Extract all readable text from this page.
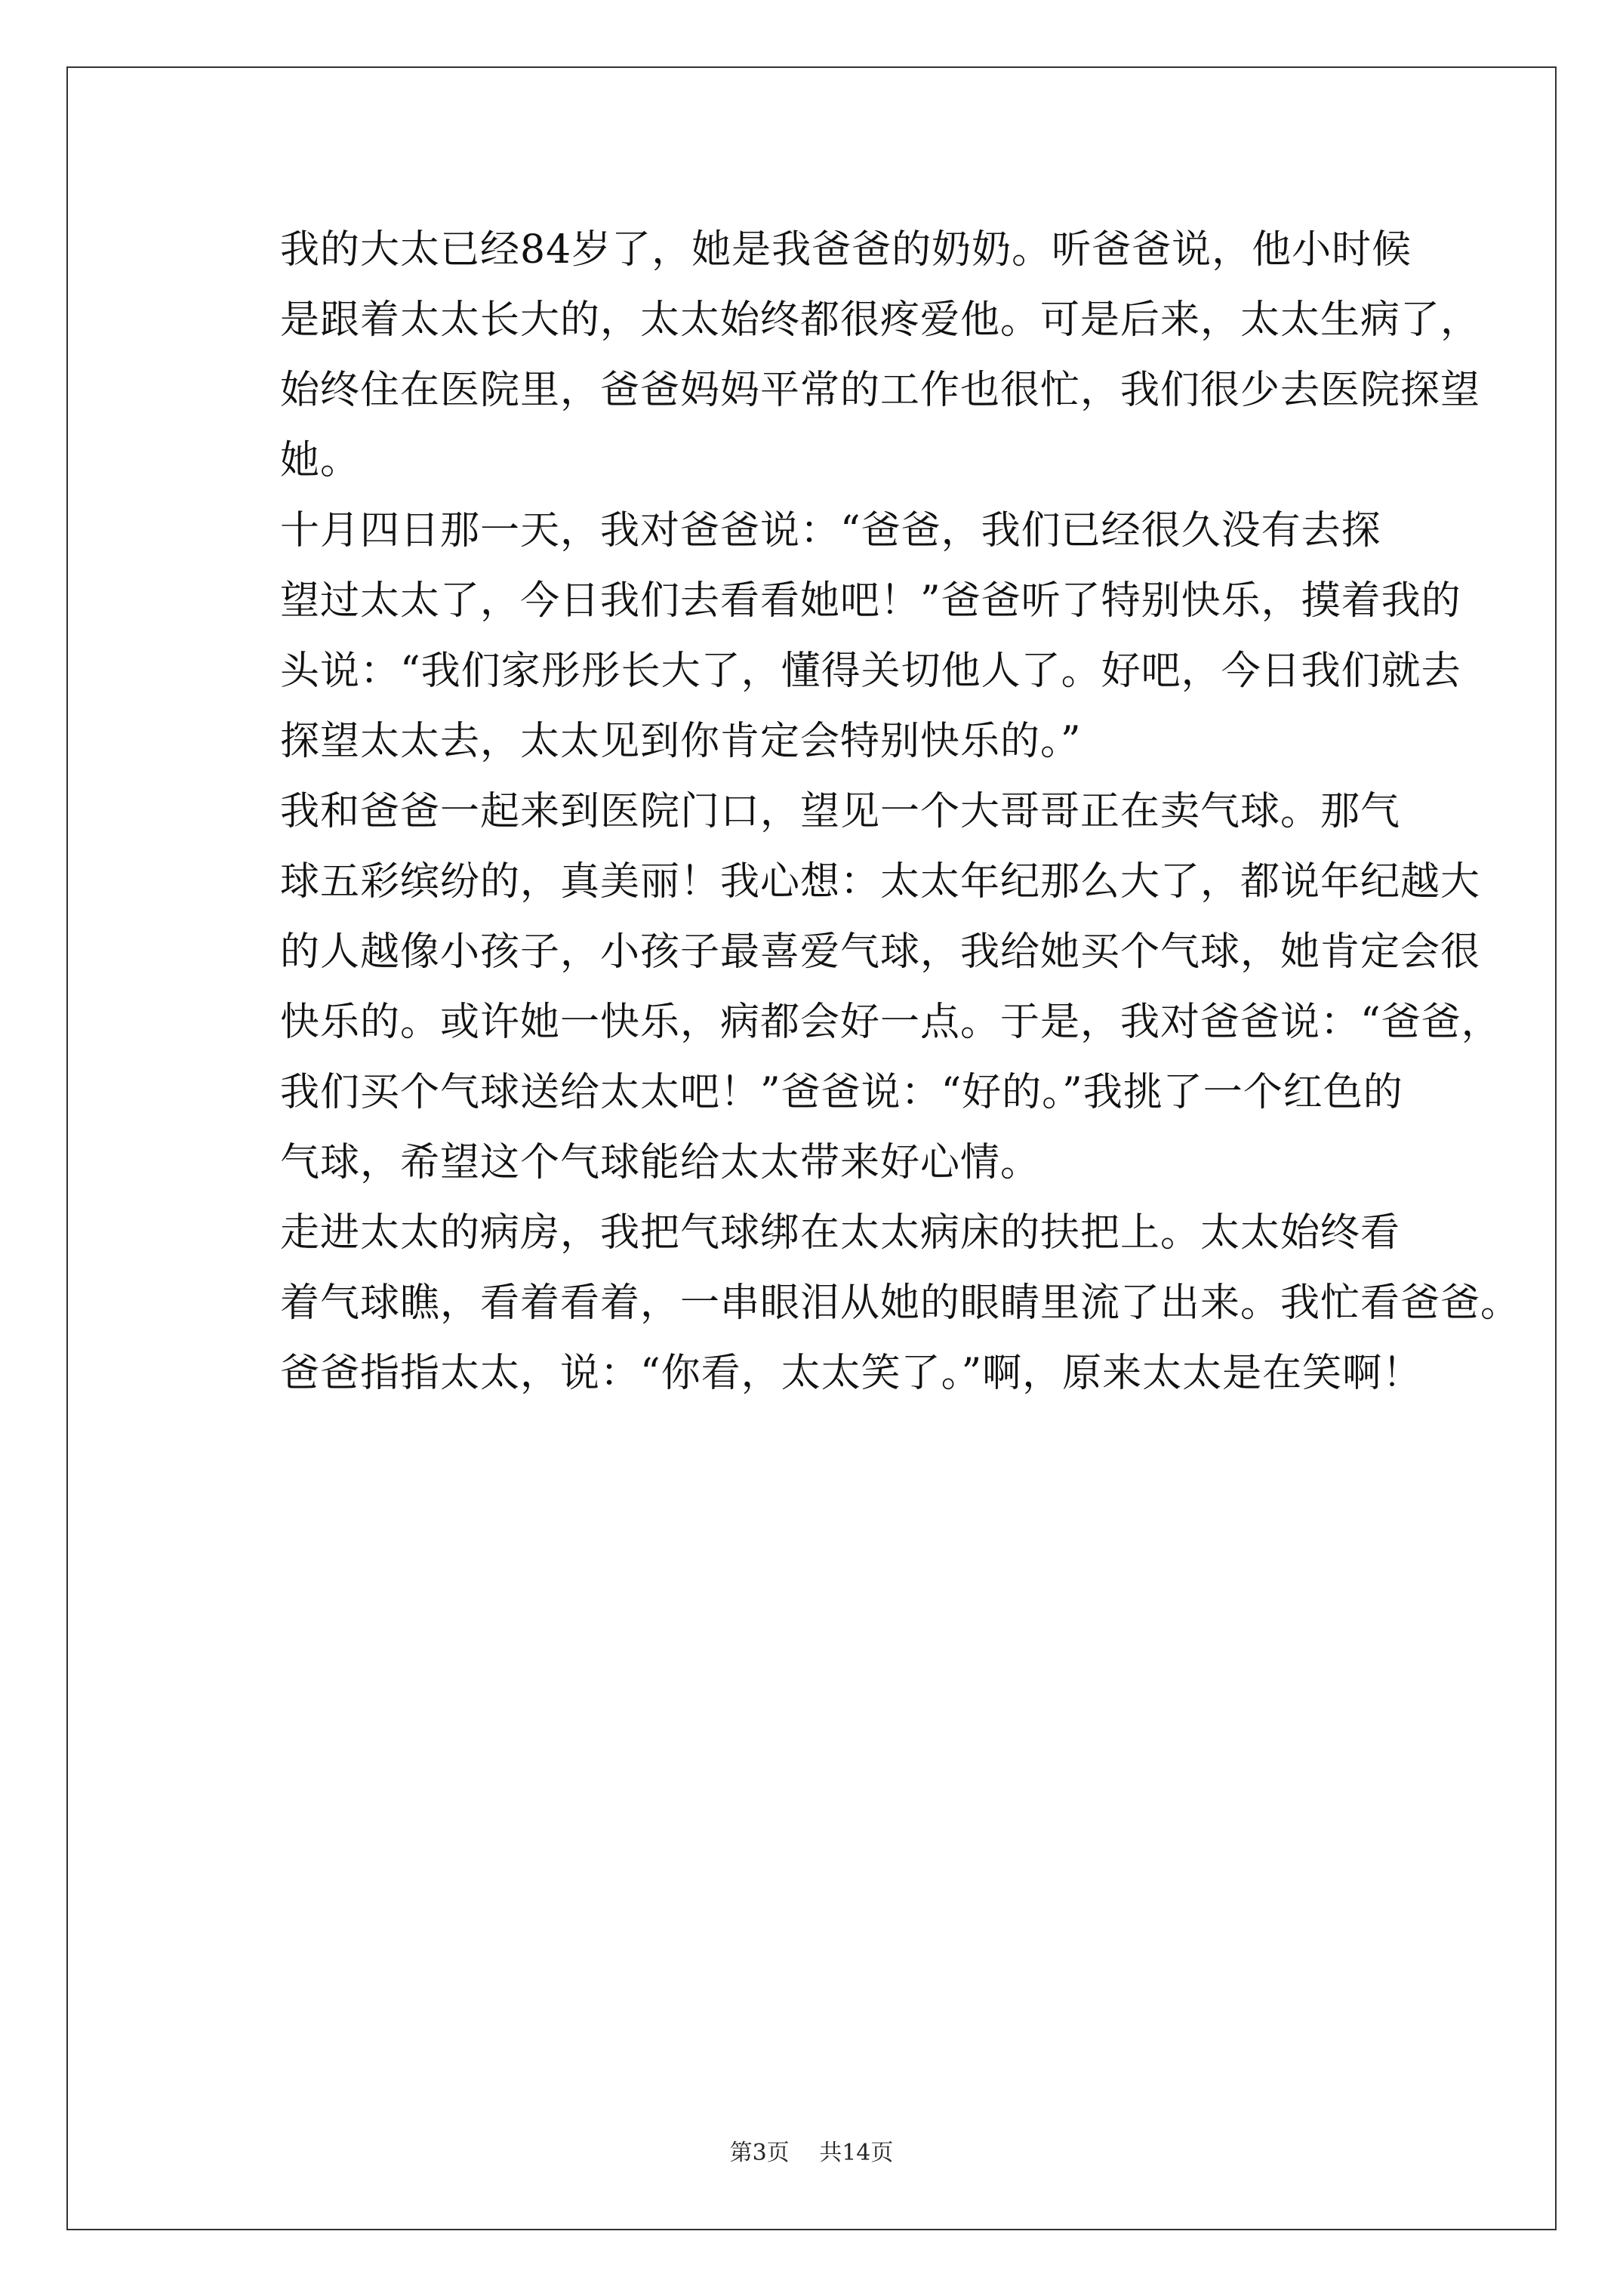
我的大太已经84岁了，她是我爸爸的奶奶。听爸爸说，他小时候
是跟着太太长大的，太太始终都很疼爱他。可是后来，太太生病了，
始终住在医院里，爸爸妈妈平常的工作也很忙，我们很少去医院探望
她。

十月四日那一天，我对爸爸说：“爸爸，我们已经很久没有去探
望过太太了，今日我们去看看她吧！”爸爸听了特别快乐，摸着我的
头说：“我们家彤彤长大了，懂得关切他人了。好吧，今日我们就去
探望太太去，太太见到你肯定会特别快乐的。”

我和爸爸一起来到医院门口，望见一个大哥哥正在卖气球。那气
球五彩缤纷的，真美丽！我心想：太太年纪那么大了，都说年纪越大
的人越像小孩子，小孩子最喜爱气球，我给她买个气球，她肯定会很
快乐的。或许她一快乐，病都会好一点。于是，我对爸爸说：“爸爸，
我们买个气球送给太太吧！”爸爸说：“好的。”我挑了一个红色的
气球，希望这个气球能给太太带来好心情。

走进太太的病房，我把气球绑在太太病床的扶把上。太太始终看
着气球瞧，看着看着，一串眼泪从她的眼睛里流了出来。我忙看爸爸。
爸爸指指太太，说：“你看，太太笑了。”啊，原来太太是在笑啊！

第3页 共14页
